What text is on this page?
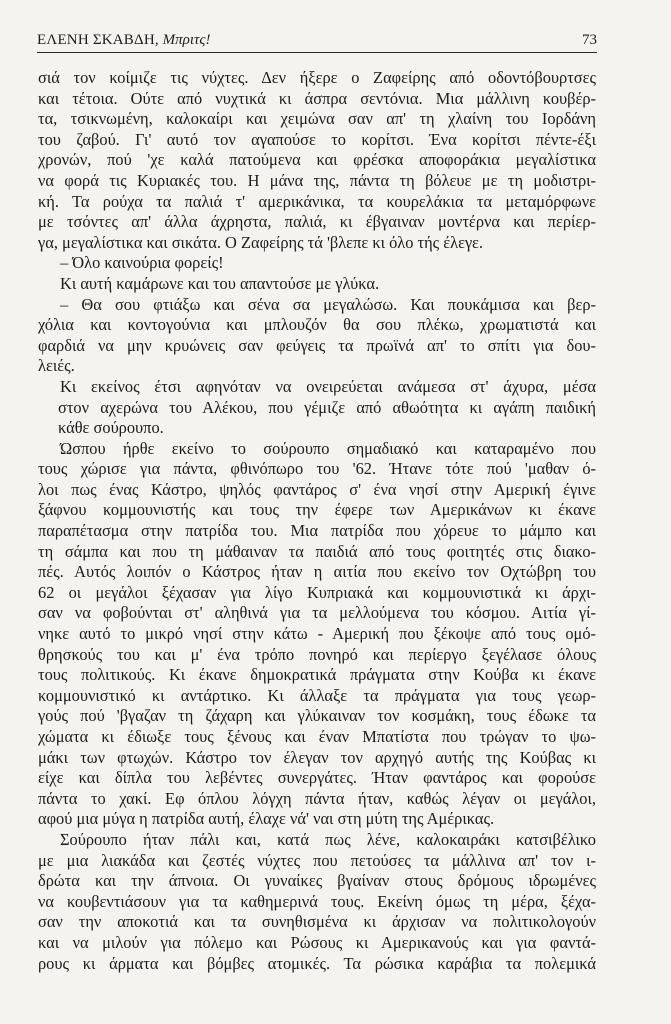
ΕΛΕΝΗ ΣΚΑΒΔΗ, Μπριτς!	73
σιά τον κοίμιζε τις νύχτες. Δεν ήξερε ο Ζαφείρης από οδοντόβουρτσες
και τέτοια. Ούτε από νυχτικά κι άσπρα σεντόνια. Μια μάλλινη κουβέρ-
τα, τσικνωμένη, καλοκαίρι και χειμώνα σαν απ' τη χλαίνη του Ιορδάνη
του ζαβού. Γι' αυτό τον αγαπούσε το κορίτσι. Ένα κορίτσι πέντε-έξι
χρονών, πού 'χε καλά πατούμενα και φρέσκα αποφοράκια μεγαλίστικα
να φορά τις Κυριακές του. Η μάνα της, πάντα τη βόλευε με τη μοδιστρι-
κή. Τα ρούχα τα παλιά τ' αμερικάνικα, τα κουρελάκια τα μεταμόρφωνε
με τσόντες απ' άλλα άχρηστα, παλιά, κι έβγαιναν μοντέρνα και περίερ-
γα, μεγαλίστικα και σικάτα. Ο Ζαφείρης τά 'βλεπε κι όλο τής έλεγε.
– Όλο καινούρια φορείς!
Κι αυτή καμάρωνε και του απαντούσε με γλύκα.
– Θα σου φτιάξω και σένα σα μεγαλώσω. Και πουκάμισα και βερ-
χόλια και κοντογούνια και μπλουζόν θα σου πλέκω, χρωματιστά και
φαρδιά να μην κρυώνεις σαν φεύγεις τα πρωϊνά απ' το σπίτι για δου-
λειές.
Κι εκείνος έτσι αφηνόταν να ονειρεύεται ανάμεσα στ' άχυρα, μέσα
στον αχερώνα του Αλέκου, που γέμιζε από αθωότητα κι αγάπη παιδική
κάθε σούρουπο.
Ώσπου ήρθε εκείνο το σούρουπο σημαδιακό και καταραμένο που
τους χώρισε για πάντα, φθινόπωρο του '62. Ήτανε τότε πού 'μαθαν ό-
λοι πως ένας Κάστρο, ψηλός φαντάρος σ' ένα νησί στην Αμερική έγινε
ξάφνου κομμουνιστής και τους την έφερε των Αμερικάνων κι έκανε
παραπέτασμα στην πατρίδα του. Μια πατρίδα που χόρευε το μάμπο και
τη σάμπα και που τη μάθαιναν τα παιδιά από τους φοιτητές στις διακο-
πές. Αυτός λοιπόν ο Κάστρος ήταν η αιτία που εκείνο τον Οχτώβρη του
62 οι μεγάλοι ξέχασαν για λίγο Κυπριακά και κομμουνιστικά κι άρχι-
σαν να φοβούνται στ' αληθινά για τα μελλούμενα του κόσμου. Αιτία γί-
νηκε αυτό το μικρό νησί στην κάτω - Αμερική που ξέκοψε από τους ομό-
θρησκούς του και μ' ένα τρόπο πονηρό και περίεργο ξεγέλασε όλους
τους πολιτικούς. Κι έκανε δημοκρατικά πράγματα στην Κούβα κι έκανε
κομμουνιστικό κι αντάρτικο. Κι άλλαξε τα πράγματα για τους γεωρ-
γούς πού 'βγαζαν τη ζάχαρη και γλύκαιναν τον κοσμάκη, τους έδωκε τα
χώματα κι έδιωξε τους ξένους και έναν Μπατίστα που τρώγαν το ψω-
μάκι των φτωχών. Κάστρο τον έλεγαν τον αρχηγό αυτής της Κούβας κι
είχε και δίπλα του λεβέντες συνεργάτες. Ήταν φαντάρος και φορούσε
πάντα το χακί. Εφ όπλου λόγχη πάντα ήταν, καθώς λέγαν οι μεγάλοι,
αφού μια μύγα η πατρίδα αυτή, έλαχε νά' ναι στη μύτη της Αμέρικας.
Σούρουπο ήταν πάλι και, κατά πως λένε, καλοκαιράκι κατσιβέλικο
με μια λιακάδα και ζεστές νύχτες που πετούσες τα μάλλινα απ' τον ι-
δρώτα και την άπνοια. Οι γυναίκες βγαίναν στους δρόμους ιδρωμένες
να κουβεντιάσουν για τα καθημερινά τους. Εκείνη όμως τη μέρα, ξέχα-
σαν την αποκοτιά και τα συνηθισμένα κι άρχισαν να πολιτικολογούν
και να μιλούν για πόλεμο και Ρώσους κι Αμερικανούς και για φαντά-
ρους κι άρματα και βόμβες ατομικές. Τα ρώσικα καράβια τα πολεμικά
